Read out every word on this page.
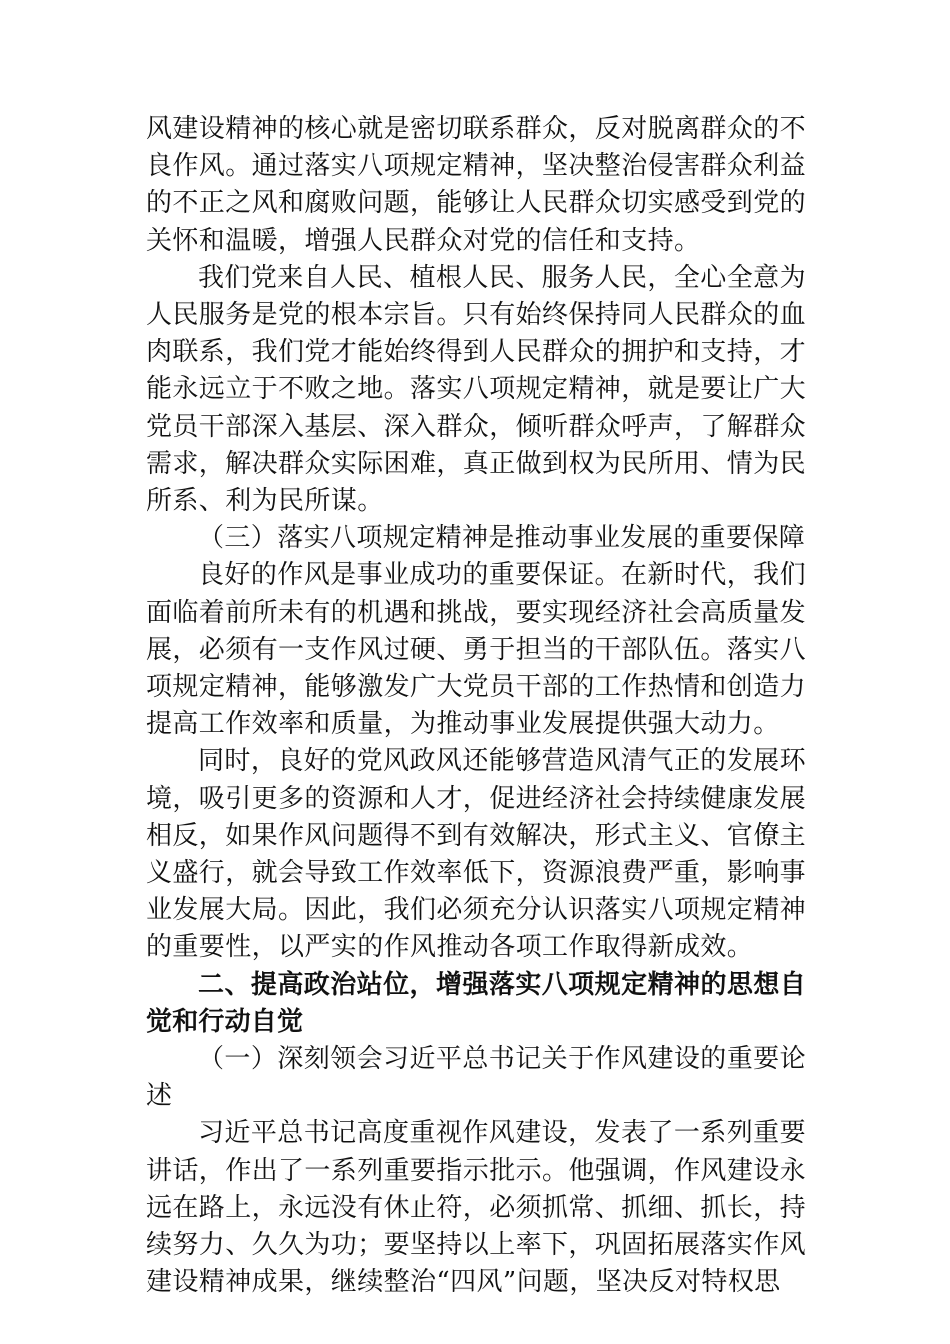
风建设精神的核心就是密切联系群众，反对脱离群众的不良作风。通过落实八项规定精神，坚决整治侵害群众利益的不正之风和腐败问题，能够让人民群众切实感受到党的关怀和温暖，增强人民群众对党的信任和支持。

我们党来自人民、植根人民、服务人民，全心全意为人民服务是党的根本宗旨。只有始终保持同人民群众的血肉联系，我们党才能始终得到人民群众的拥护和支持，才能永远立于不败之地。落实八项规定精神，就是要让广大党员干部深入基层、深入群众，倾听群众呼声，了解群众需求，解决群众实际困难，真正做到权为民所用、情为民所系、利为民所谋。

（三）落实八项规定精神是推动事业发展的重要保障

良好的作风是事业成功的重要保证。在新时代，我们面临着前所未有的机遇和挑战，要实现经济社会高质量发展，必须有一支作风过硬、勇于担当的干部队伍。落实八项规定精神，能够激发广大党员干部的工作热情和创造力提高工作效率和质量，为推动事业发展提供强大动力。

同时，良好的党风政风还能够营造风清气正的发展环境，吸引更多的资源和人才，促进经济社会持续健康发展相反，如果作风问题得不到有效解决，形式主义、官僚主义盛行，就会导致工作效率低下，资源浪费严重，影响事业发展大局。因此，我们必须充分认识落实八项规定精神的重要性，以严实的作风推动各项工作取得新成效。

二、提高政治站位，增强落实八项规定精神的思想自觉和行动自觉

（一）深刻领会习近平总书记关于作风建设的重要论述

习近平总书记高度重视作风建设，发表了一系列重要讲话，作出了一系列重要指示批示。他强调，作风建设永远在路上，永远没有休止符，必须抓常、抓细、抓长，持续努力、久久为功；要坚持以上率下，巩固拓展落实作风建设精神成果，继续整治“四风”问题，坚决反对特权思
